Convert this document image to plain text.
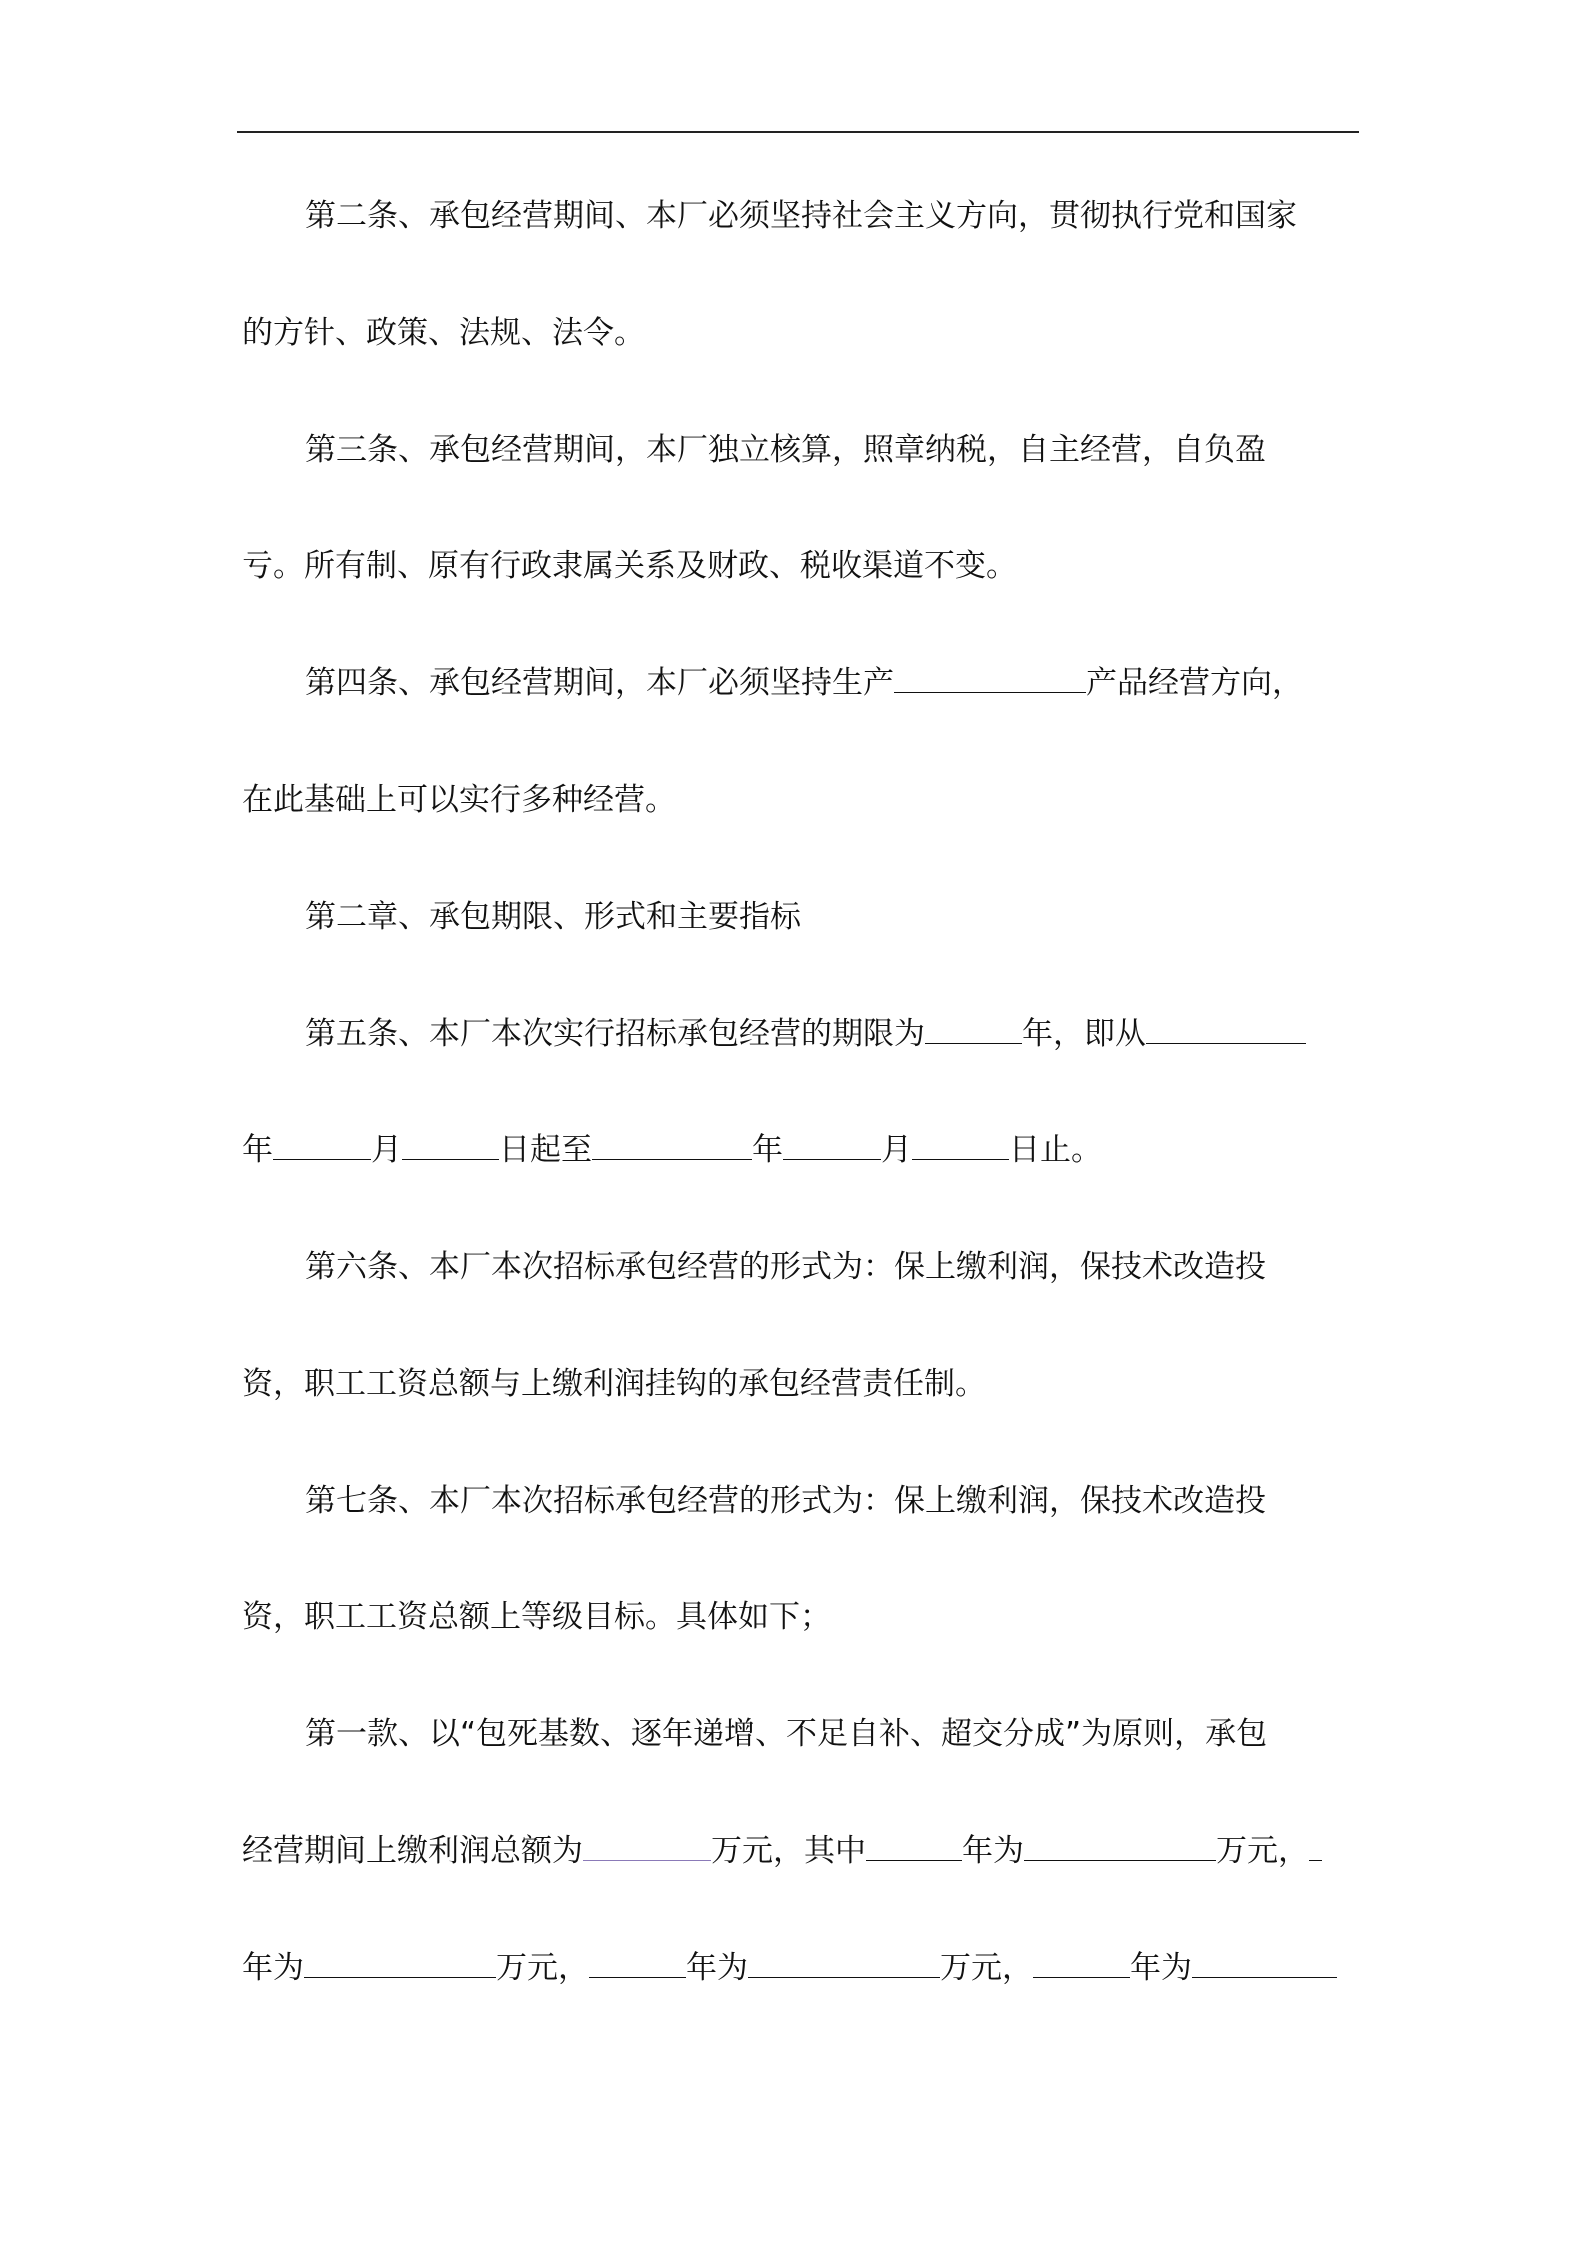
第二条、承包经营期间、本厂必须坚持社会主义方向，贯彻执行党和国家
的方针、政策、法规、法令。
第三条、承包经营期间，本厂独立核算，照章纳税，自主经营，自负盈
亏。所有制、原有行政隶属关系及财政、税收渠道不变。
第四条、承包经营期间，本厂必须坚持生产	产品经营方向，
在此基础上可以实行多种经营。
第二章、承包期限、形式和主要指标
第五条、本厂本次实行招标承包经营的期限为	年，即从
年	月	日起至	年	月	日止。
第六条、本厂本次招标承包经营的形式为：保上缴利润，保技术改造投
资，职工工资总额与上缴利润挂钩的承包经营责任制。
第七条、本厂本次招标承包经营的形式为：保上缴利润，保技术改造投
资，职工工资总额上等级目标。具体如下；
第一款、以“包死基数、逐年递增、不足自补、超交分成”为原则，承包
经营期间上缴利润总额为	万元，其中	年为	万元，
年为	万元，	年为	万元，	年为
